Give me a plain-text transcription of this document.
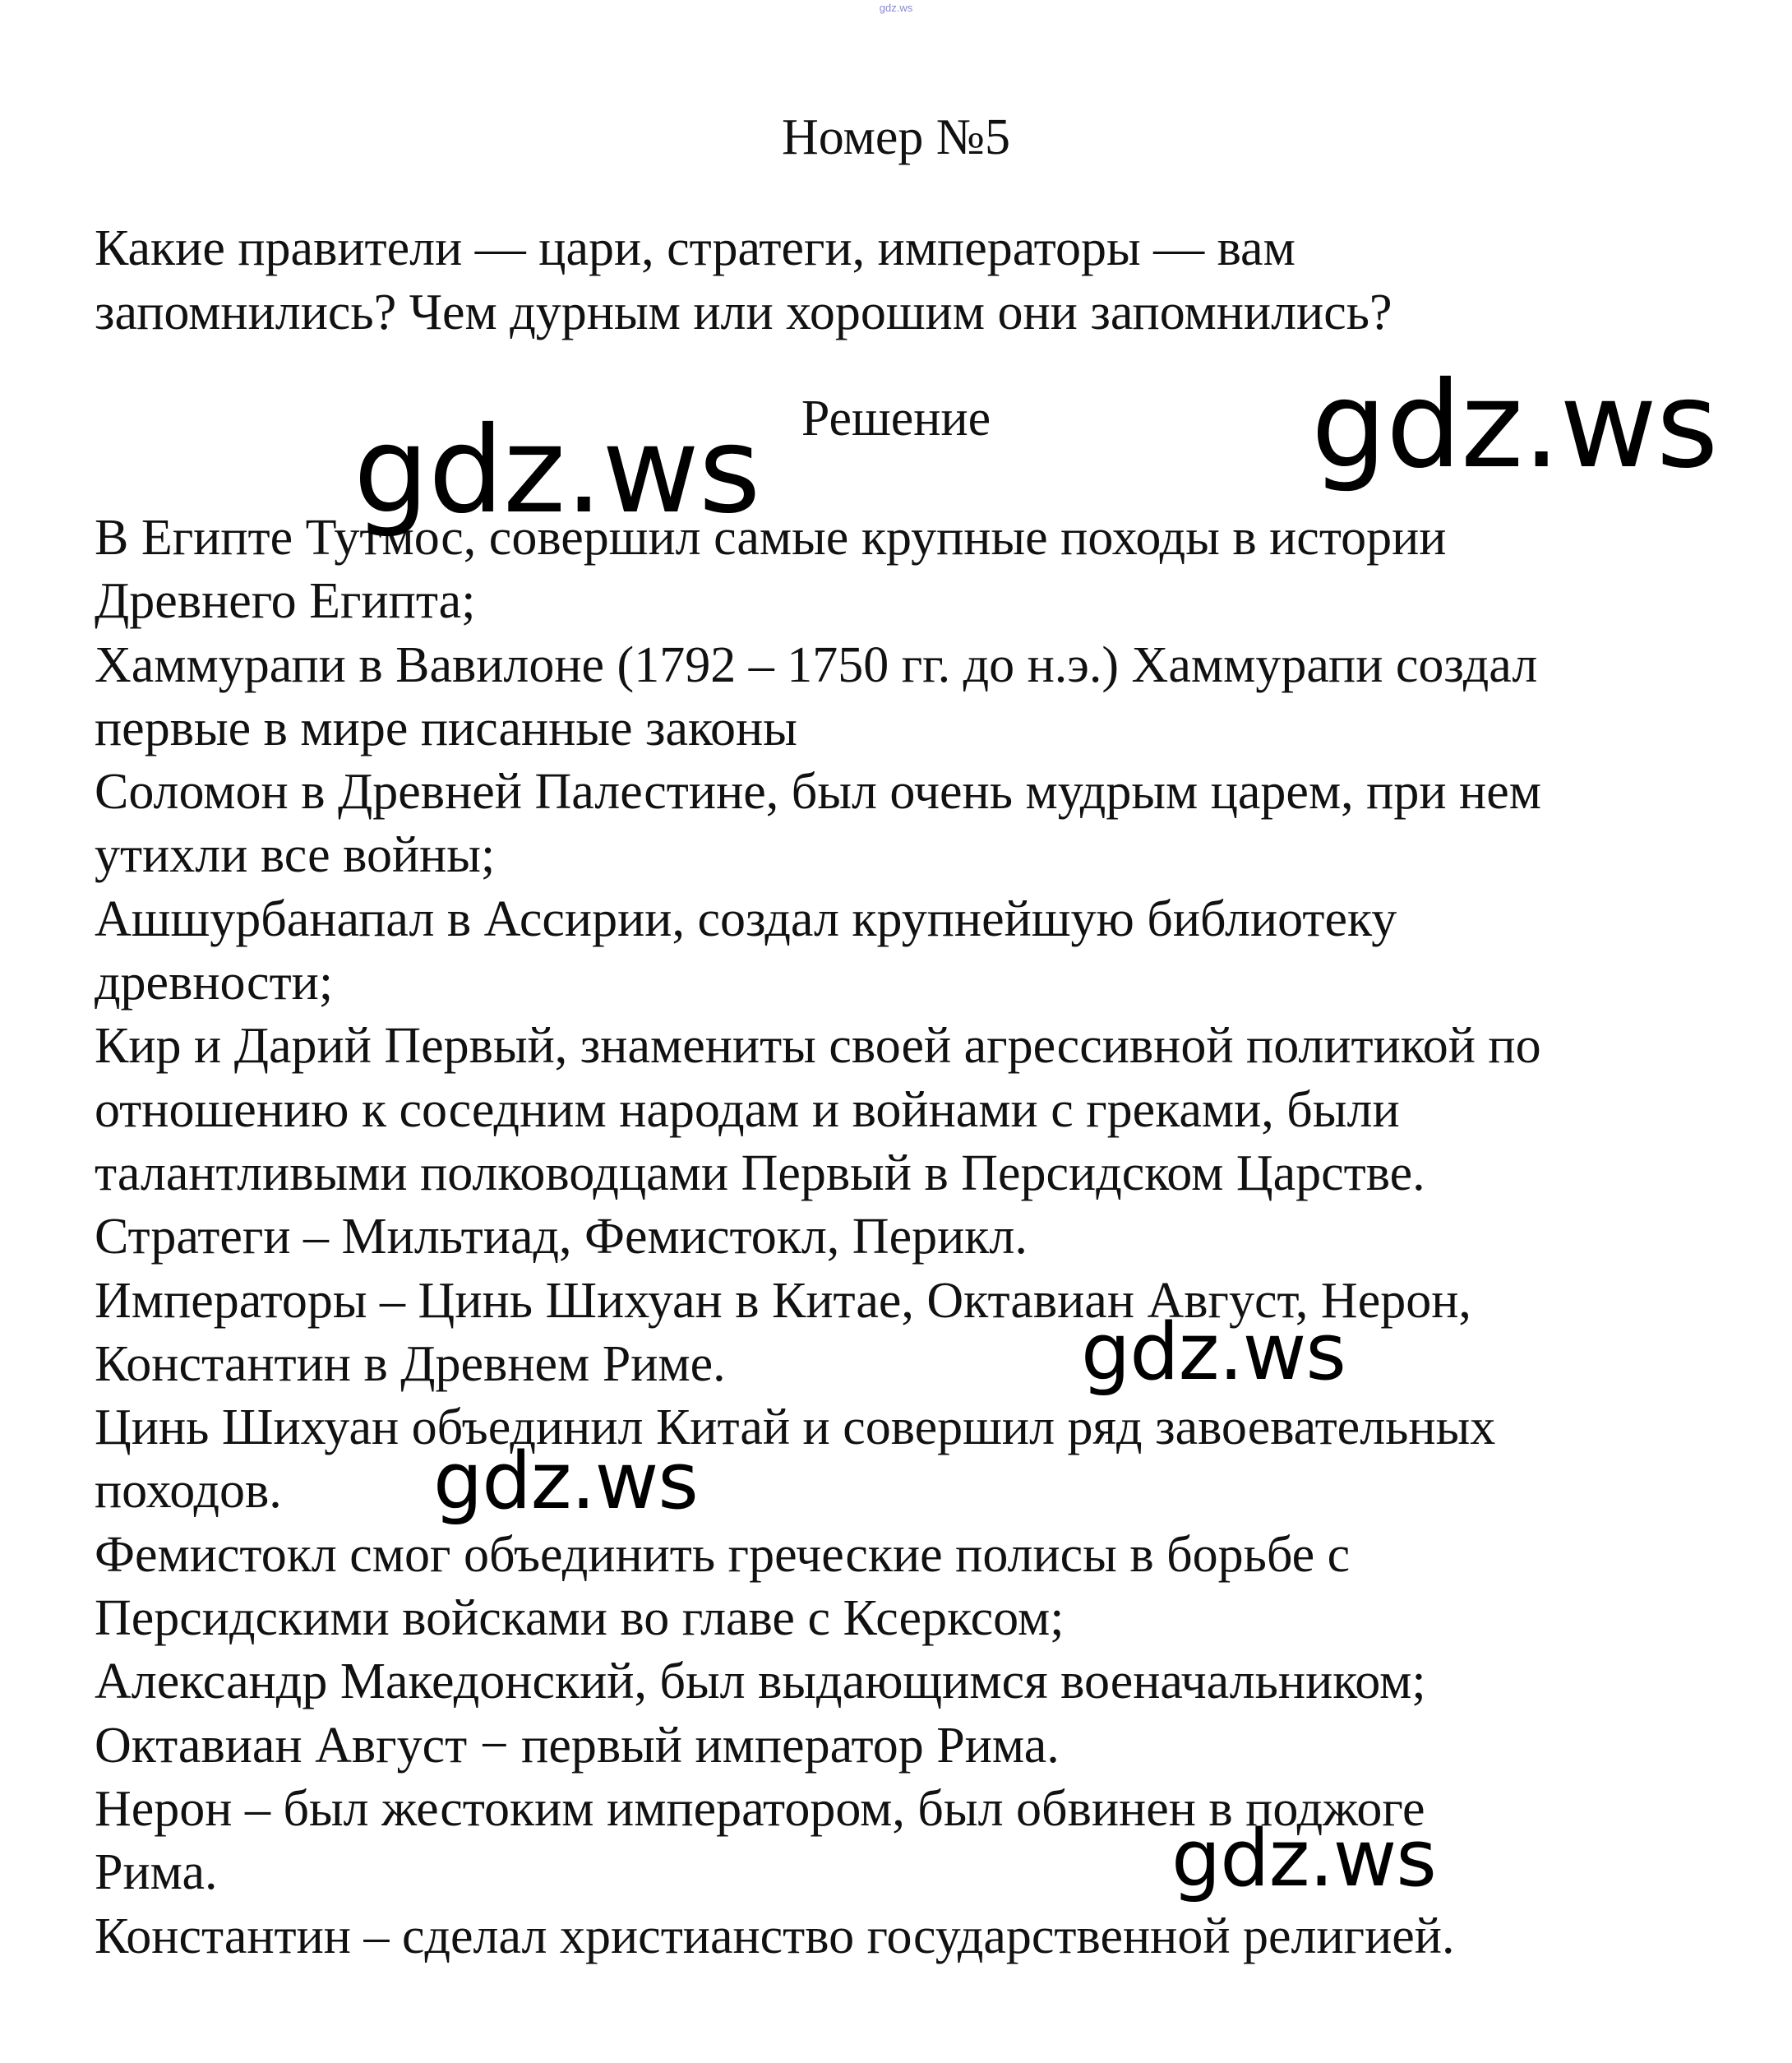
gdz.ws
Номер №5

Какие правители — цари, стратеги, императоры — вам

запомнились? Чем дурным или хорошим они запомнились?

Решение

В Египте Тутмос, совершил самые крупные походы в истории

Древнего Египта;

Хаммурапи в Вавилоне (1792 – 1750 гг. до н.э.) Хаммурапи создал

первые в мире писанные законы

Соломон в Древней Палестине, был очень мудрым царем, при нем

утихли все войны;

Ашшурбанапал в Ассирии, создал крупнейшую библиотеку

древности;

Кир и Дарий Первый, знамениты своей агрессивной политикой по

отношению к соседним народам и войнами с греками, были

талантливыми полководцами Первый в Персидском Царстве.

Стратеги – Мильтиад, Фемистокл, Перикл.

Императоры – Цинь Шихуан в Китае, Октавиан Август, Нерон,

Константин в Древнем Риме.

Цинь Шихуан объединил Китай и совершил ряд завоевательных

походов.

Фемистокл смог объединить греческие полисы в борьбе с

Персидскими войсками во главе с Ксерксом;

Александр Македонский, был выдающимся военачальником;

Октавиан Август − первый император Рима.

Нерон – был жестоким императором, был обвинен в поджоге

Рима.

Константин – сделал христианство государственной религией.

gdz.ws	gdz.ws
gdz.ws
gdz.ws
gdz.ws
